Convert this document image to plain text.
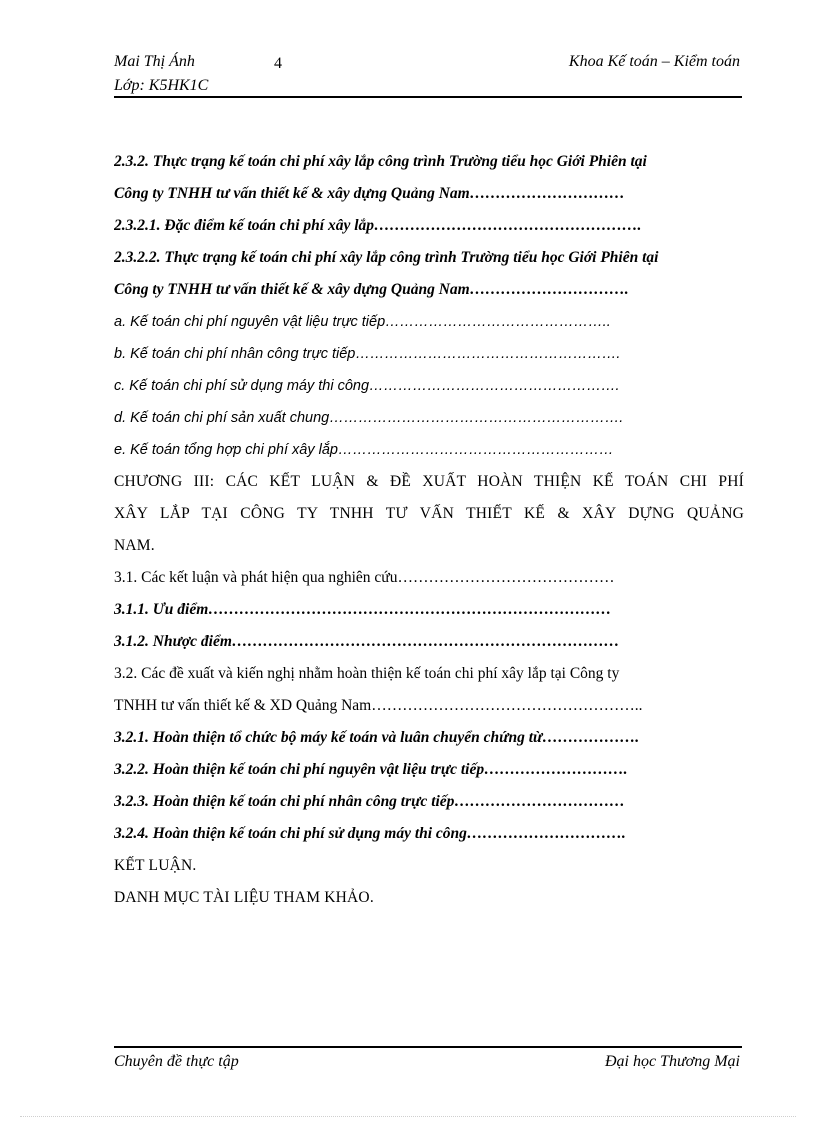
Mai Thị Ánh
Lớp: K5HK1C
4	Khoa Kế toán – Kiểm toán
2.3.2. Thực trạng kế toán chi phí xây lắp công trình Trường tiểu học Giới Phiên tại
Công ty TNHH tư vấn thiết kế & xây dựng Quảng Nam…………………………
2.3.2.1. Đặc điểm kế toán chi phí xây lắp…………………………………………….
2.3.2.2. Thực trạng kế toán chi phí xây lắp công trình Trường tiểu học Giới Phiên tại
Công ty TNHH tư vấn thiết kế & xây dựng Quảng Nam………………………….
a. Kế toán chi phí nguyên vật liệu trực tiếp………………………………………..
b. Kế toán chi phí nhân công trực tiếp……………………………………………….
c. Kế toán chi phí sử dụng máy thi công…………………………………………….
d. Kế toán chi phí sản xuất chung…………………………………………………….
e. Kế toán tổng hợp chi phí xây lắp…………………………………………………
CHƯƠNG III: CÁC KẾT LUẬN & ĐỀ XUẤT HOÀN THIỆN KẾ TOÁN CHI PHÍ
XÂY LẮP TẠI CÔNG TY TNHH TƯ VẤN THIẾT KẾ & XÂY DỰNG QUẢNG
NAM.
3.1. Các kết luận và phát hiện qua nghiên cứu……………………………………
3.1.1. Ưu điểm……………………………………………………………………
3.1.2. Nhược điểm…………………………………………………………………
3.2. Các đề xuất và kiến nghị nhằm hoàn thiện kế toán chi phí xây lắp tại Công ty
TNHH tư vấn thiết kế & XD Quảng Nam……………………………………………..
3.2.1. Hoàn thiện tổ chức bộ máy kế toán và luân chuyển chứng từ……………….
3.2.2. Hoàn thiện kế toán chi phí nguyên vật liệu trực tiếp……………………….
3.2.3. Hoàn thiện kế toán chi phí nhân công trực tiếp……………………………
3.2.4. Hoàn thiện kế toán chi phí sử dụng máy thi công………………………….
KẾT LUẬN.
DANH MỤC TÀI LIỆU THAM KHẢO.
Chuyên đề thực tập	Đại học Thương Mại
